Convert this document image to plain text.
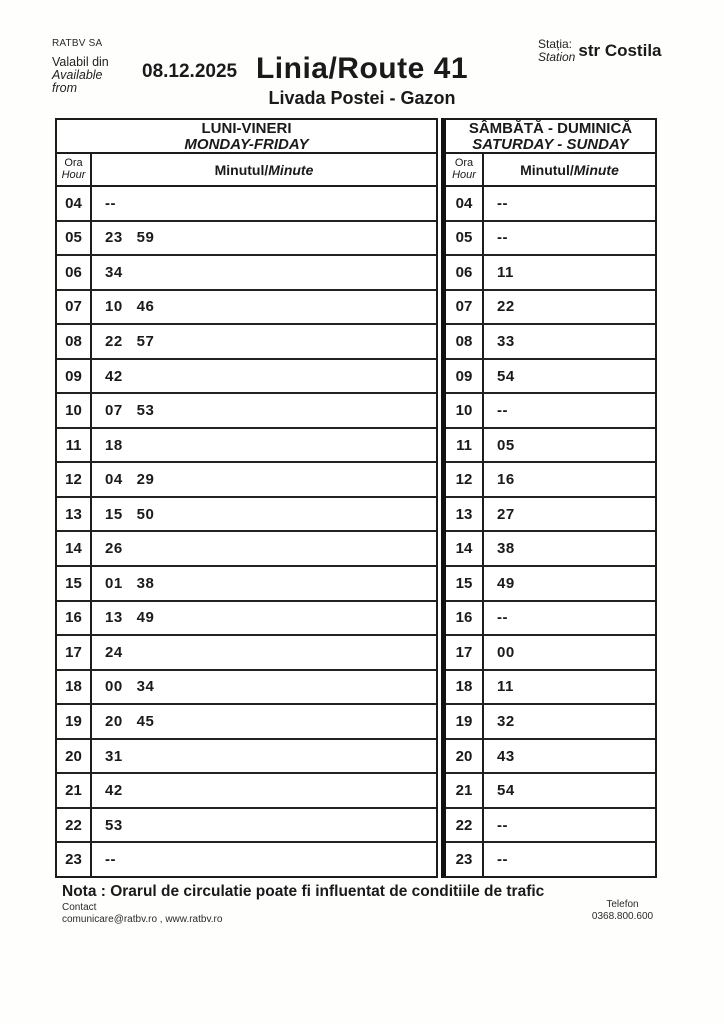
RATBV SA
Valabil din
Available
from
08.12.2025 Linia/Route 41
Livada Postei - Gazon
Stația:
Station str Costila
LUNI-VINERI
MONDAY-FRIDAY
Ora
Hour	Minutul / Minute
04	--
05	23   59
06	34
07	10   46
08	22   57
09	42
10	07   53
11	18
12	04   29
13	15   50
14	26
15	01   38
16	13   49
17	24
18	00   34
19	20   45
20	31
21	42
22	53
23	--
SÂMBĂTĂ - DUMINICĂ
SATURDAY - SUNDAY
Ora
Hour	Minutul / Minute
04	--
05	--
06	11
07	22
08	33
09	54
10	--
11	05
12	16
13	27
14	38
15	49
16	--
17	00
18	11
19	32
20	43
21	54
22	--
23	--
Nota : Orarul de circulatie poate fi influentat de conditiile de trafic
Contact
comunicare@ratbv.ro , www.ratbv.ro
Telefon
0368.800.600
